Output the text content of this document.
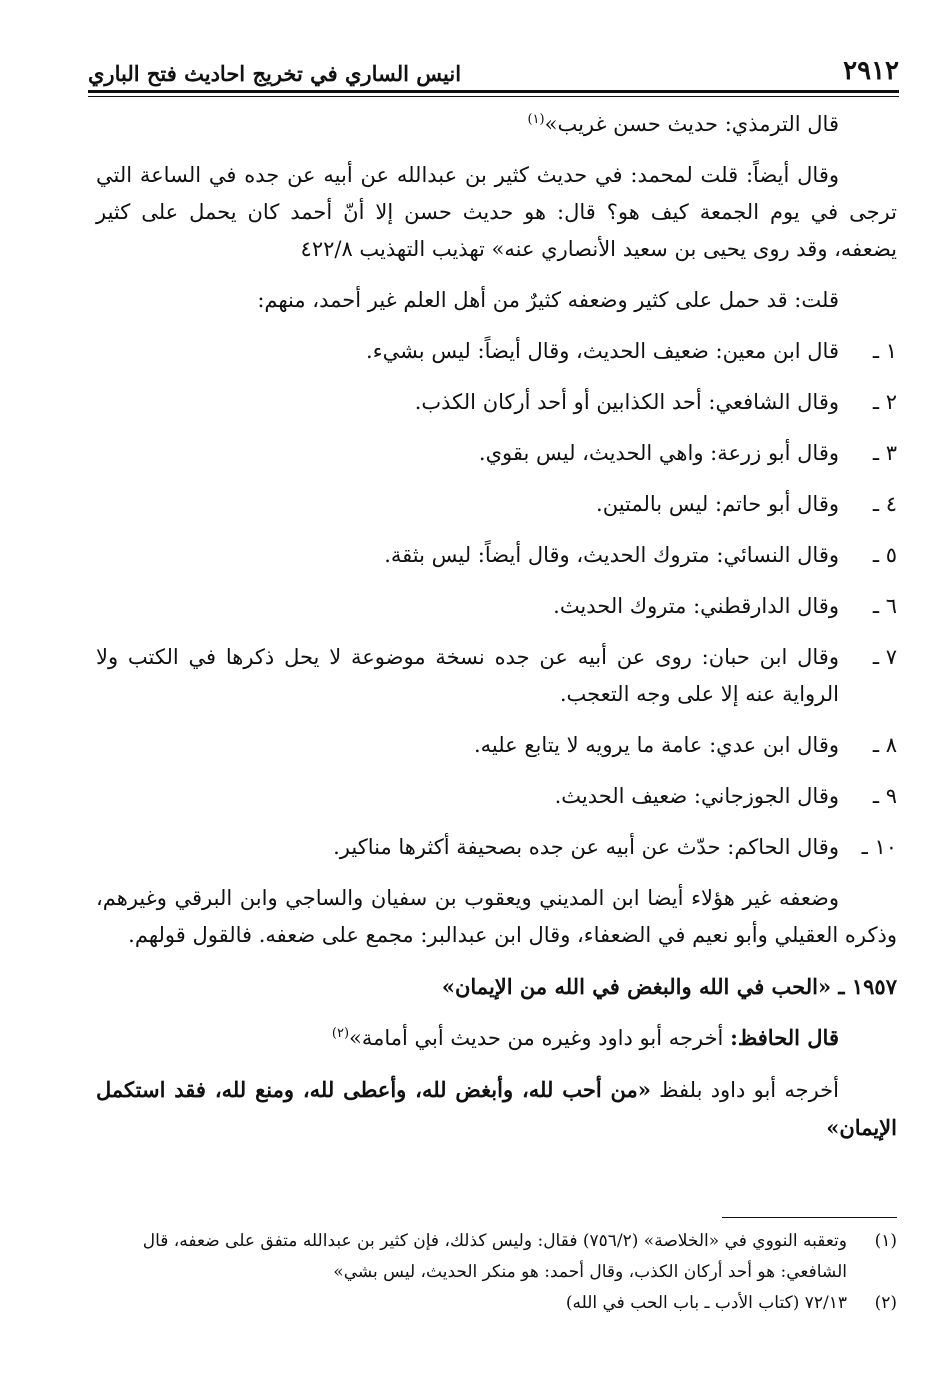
٢٩١٢
انيس الساري في تخريج احاديث فتح الباري

قال الترمذي: حديث حسن غريب»$^{(١)}$

وقال أيضاً: قلت لمحمد: في حديث كثير بن عبدالله عن أبيه عن جده في الساعة التي ترجى في يوم الجمعة كيف هو؟ قال: هو حديث حسن إلا أنّ أحمد كان يحمل على كثير يضعفه، وقد روى يحيى بن سعيد الأنصاري عنه» تهذيب التهذيب ٤٢٢/٨

قلت: قد حمل على كثير وضعفه كثيرٌ من أهل العلم غير أحمد، منهم:

١ ـقال ابن معين: ضعيف الحديث، وقال أيضاً: ليس بشيء.

٢ ـوقال الشافعي: أحد الكذابين أو أحد أركان الكذب.

٣ ـوقال أبو زرعة: واهي الحديث، ليس بقوي.

٤ ـوقال أبو حاتم: ليس بالمتين.

٥ ـوقال النسائي: متروك الحديث، وقال أيضاً: ليس بثقة.

٦ ـوقال الدارقطني: متروك الحديث.

٧ ـوقال ابن حبان: روى عن أبيه عن جده نسخة موضوعة لا يحل ذكرها في الكتب ولا الرواية عنه إلا على وجه التعجب.

٨ ـوقال ابن عدي: عامة ما يرويه لا يتابع عليه.

٩ ـوقال الجوزجاني: ضعيف الحديث.

١٠ ـوقال الحاكم: حدّث عن أبيه عن جده بصحيفة أكثرها مناكير.

وضعفه غير هؤلاء أيضا ابن المديني ويعقوب بن سفيان والساجي وابن البرقي وغيرهم، وذكره العقيلي وأبو نعيم في الضعفاء، وقال ابن عبدالبر: مجمع على ضعفه. فالقول قولهم.

١٩٥٧ ـ «الحب في الله والبغض في الله من الإيمان»

قال الحافظ: أخرجه أبو داود وغيره من حديث أبي أمامة»$^{(٢)}$

أخرجه أبو داود بلفظ «من أحب لله، وأبغض لله، وأعطى لله، ومنع لله، فقد استكمل الإيمان»

(١)وتعقبه النووي في «الخلاصة» (٧٥٦/٢) فقال: وليس كذلك، فإن كثير بن عبدالله متفق على ضعفه، قال الشافعي: هو أحد أركان الكذب، وقال أحمد: هو منكر الحديث، ليس بشي»

(٢)٧٢/١٣ (كتاب الأدب ـ باب الحب في الله)
